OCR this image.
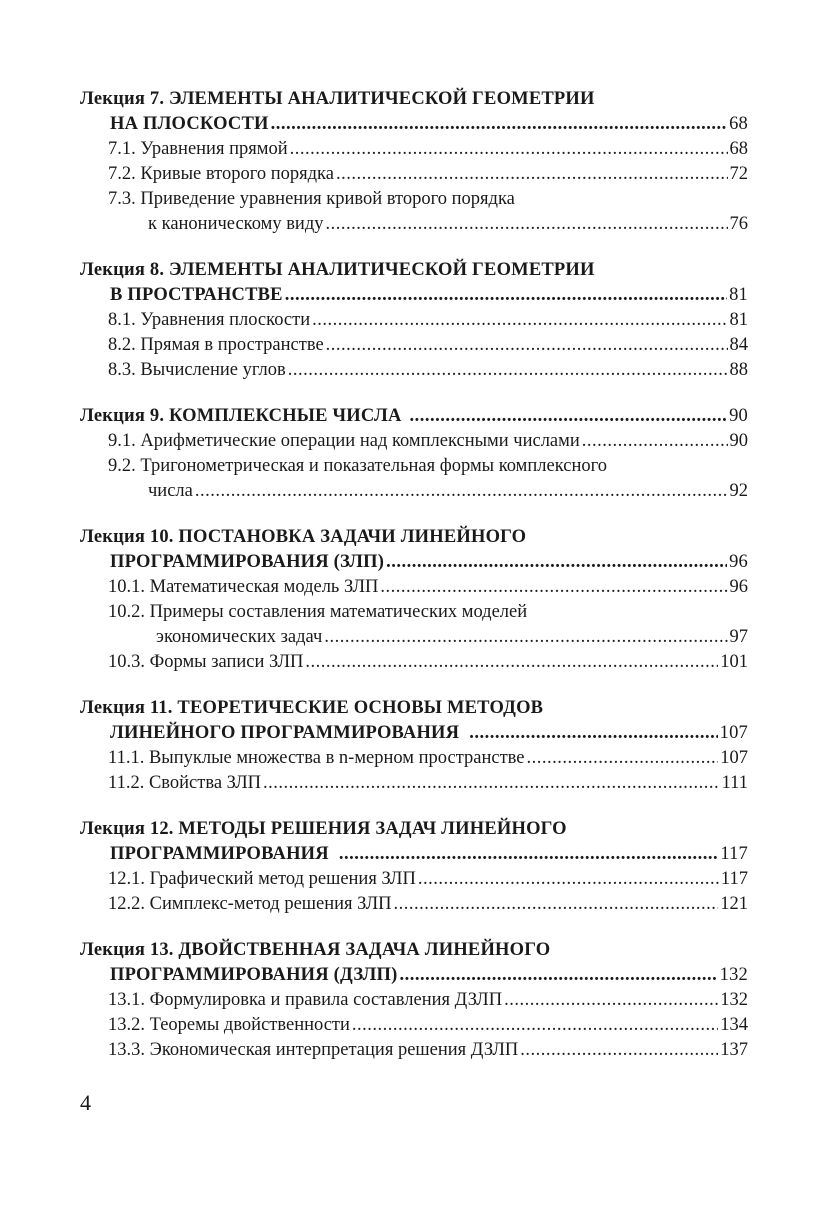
Лекция 7. ЭЛЕМЕНТЫ АНАЛИТИЧЕСКОЙ ГЕОМЕТРИИ
НА ПЛОСКОСТИ .....	68
7.1. Уравнения прямой .....	68
7.2. Кривые второго порядка .....	72
7.3. Приведение уравнения кривой второго порядка
к каноническому виду .....	76
Лекция 8. ЭЛЕМЕНТЫ АНАЛИТИЧЕСКОЙ ГЕОМЕТРИИ
В ПРОСТРАНСТВЕ .....	81
8.1. Уравнения плоскости .....	81
8.2. Прямая в пространстве .....	84
8.3. Вычисление углов .....	88
Лекция 9. КОМПЛЕКСНЫЕ ЧИСЛА .....	90
9.1. Арифметические операции над комплексными числами .....	90
9.2. Тригонометрическая и показательная формы комплексного
числа .....	92
Лекция 10. ПОСТАНОВКА ЗАДАЧИ ЛИНЕЙНОГО
ПРОГРАММИРОВАНИЯ (ЗЛП) .....	96
10.1. Математическая модель ЗЛП .....	96
10.2. Примеры составления математических моделей
экономических задач .....	97
10.3. Формы записи ЗЛП .....	101
Лекция 11. ТЕОРЕТИЧЕСКИЕ ОСНОВЫ МЕТОДОВ
ЛИНЕЙНОГО ПРОГРАММИРОВАНИЯ .....	107
11.1. Выпуклые множества в n-мерном пространстве .....	107
11.2. Свойства ЗЛП .....	111
Лекция 12. МЕТОДЫ РЕШЕНИЯ ЗАДАЧ ЛИНЕЙНОГО
ПРОГРАММИРОВАНИЯ .....	117
12.1. Графический метод решения ЗЛП .....	117
12.2. Симплекс-метод решения ЗЛП .....	121
Лекция 13. ДВОЙСТВЕННАЯ ЗАДАЧА ЛИНЕЙНОГО
ПРОГРАММИРОВАНИЯ (ДЗЛП) .....	132
13.1. Формулировка и правила составления ДЗЛП .....	132
13.2. Теоремы двойственности .....	134
13.3. Экономическая интерпретация решения ДЗЛП .....	137
4
